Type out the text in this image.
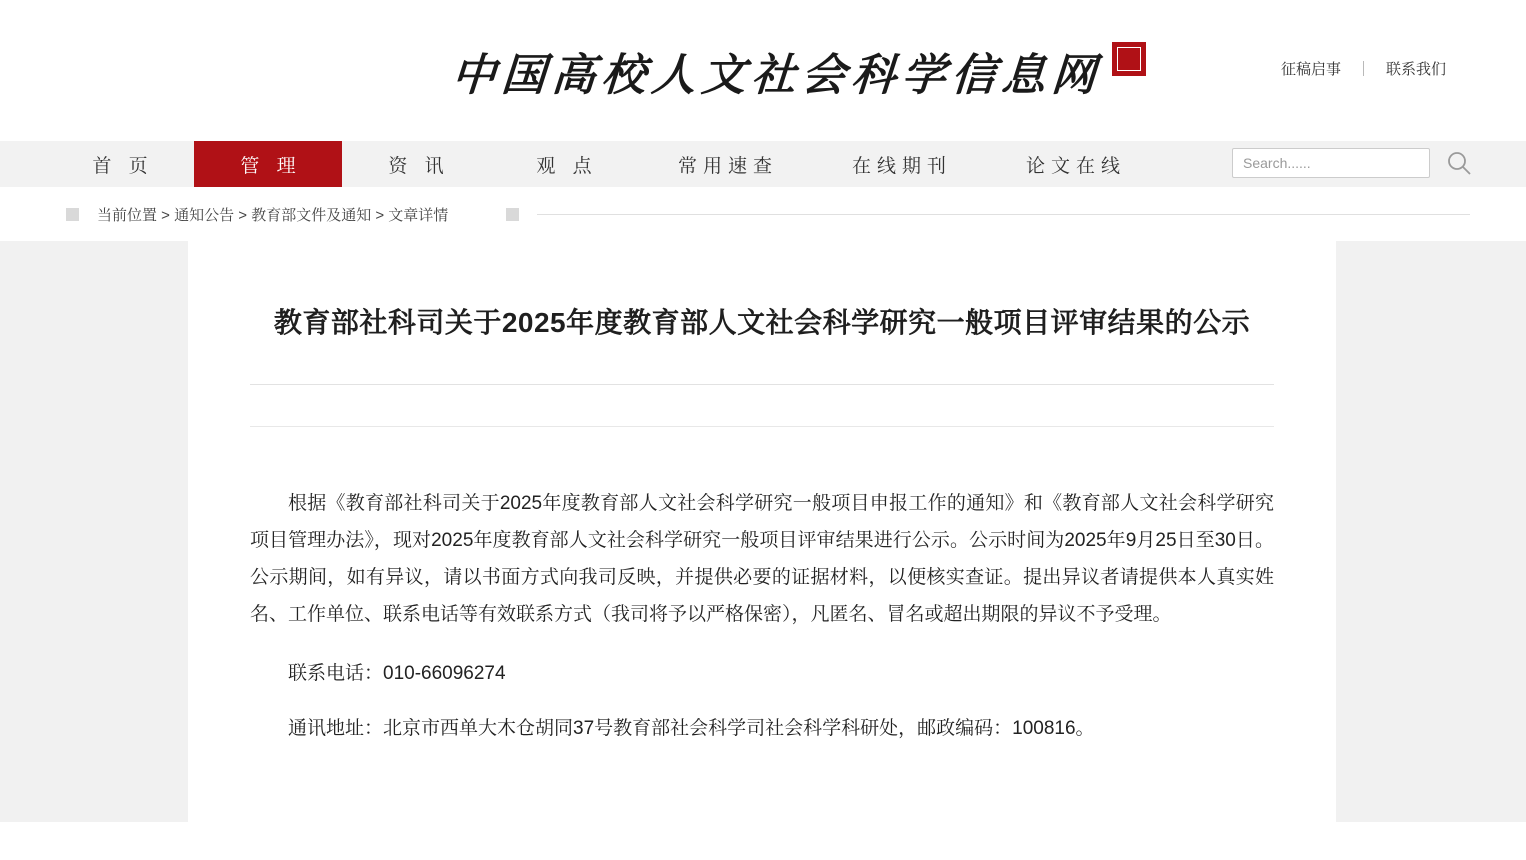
中国高校人文社会科学信息网	征稿启事	联系我们
首 页	管 理	资 讯	观 点	常用速查	在线期刊	论文在线
Search......
当前位置 > 通知公告 > 教育部文件及通知 > 文章详情
教育部社科司关于2025年度教育部人文社会科学研究一般项目评审结果的公示

根据《教育部社科司关于2025年度教育部人文社会科学研究一般项目申报工作的通知》和《教育部人文社会科学研究项目管理办法》，现对2025年度教育部人文社会科学研究一般项目评审结果进行公示。公示时间为2025年9月25日至30日。公示期间，如有异议，请以书面方式向我司反映，并提供必要的证据材料，以便核实查证。提出异议者请提供本人真实姓名、工作单位、联系电话等有效联系方式（我司将予以严格保密），凡匿名、冒名或超出期限的异议不予受理。

联系电话：010-66096274

通讯地址：北京市西单大木仓胡同37号教育部社会科学司社会科学科研处，邮政编码：100816。
